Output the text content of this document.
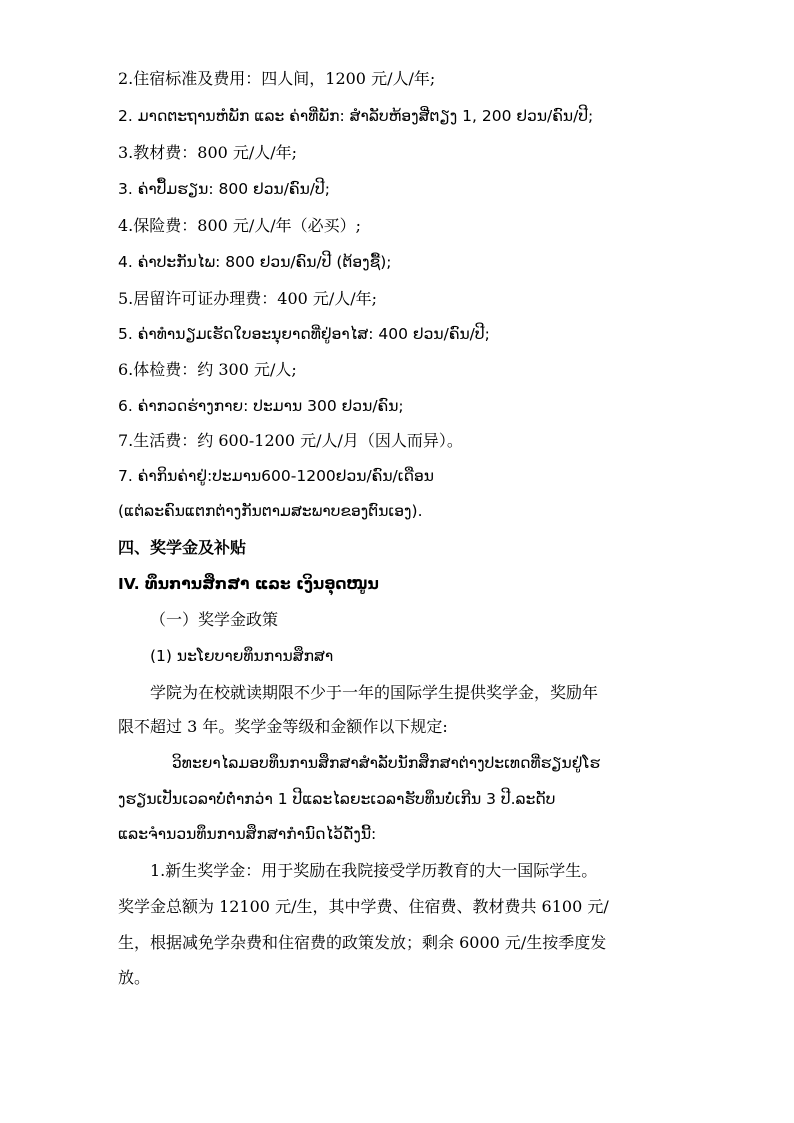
2.住宿标准及费用：四人间，1200 元/人/年;
2. ມາດຕະຖານຫໍພັກ ແລະ ຄ່າທີ່ພັກ: ສຳລັບຫ້ອງສີ່ຕຽງ 1, 200 ຢວນ/ຄົນ/ປີ;
3.教材费：800 元/人/年;
3. ຄ່າປຶ້ມຮຽນ: 800 ຢວນ/ຄົນ/ປີ;
4.保险费：800 元/人/年（必买）;
4. ຄ່າປະກັນໄພ: 800 ຢວນ/ຄົນ/ປີ (ຕ້ອງຊື້);
5.居留许可证办理费：400 元/人/年;
5. ຄ່າທຳນຽມເຮັດໃບອະນຸຍາດທີ່ຢູ່ອາໄສ: 400 ຢວນ/ຄົນ/ປີ;
6.体检费：约 300 元/人;
6. ຄ່າກວດຮ່າງກາຍ: ປະມານ 300 ຢວນ/ຄົນ;
7.生活费：约 600-1200 元/人/月（因人而异）。
7. ຄ່າກິນຄ່າຢູ່:ປະມານ600-1200ຢວນ/ຄົນ/ເດືອນ
(ແຕ່ລະຄົນແຕກຕ່າງກັນຕາມສະພາບຂອງຕົນເອງ).
四、奖学金及补贴
IV. ທຶນການສຶກສາ ແລະ ເງິນອຸດໜູນ
（一）奖学金政策
(1) ນະໂຍບາຍທຶນການສຶກສາ
学院为在校就读期限不少于一年的国际学生提供奖学金，奖励年
限不超过 3 年。奖学金等级和金额作以下规定:
ວິທະຍາໄລມອບທຶນການສຶກສາສຳລັບນັກສຶກສາຕ່າງປະເທດທີ່ຮຽນຢູ່ໂຮ
ງຮຽນເປັນເວລາບໍ່ຕ່ຳກວ່າ 1 ປີແລະໄລຍະເວລາຮັບທຶນບໍ່ເກີນ 3 ປີ.ລະດັບ
ແລະຈຳນວນທຶນການສຶກສາກຳນົດໄວ້ດັ່ງນີ້:
1.新生奖学金：用于奖励在我院接受学历教育的大一国际学生。
奖学金总额为 12100 元/生，其中学费、住宿费、教材费共 6100 元/
生，根据减免学杂费和住宿费的政策发放；剩余 6000 元/生按季度发
放。
